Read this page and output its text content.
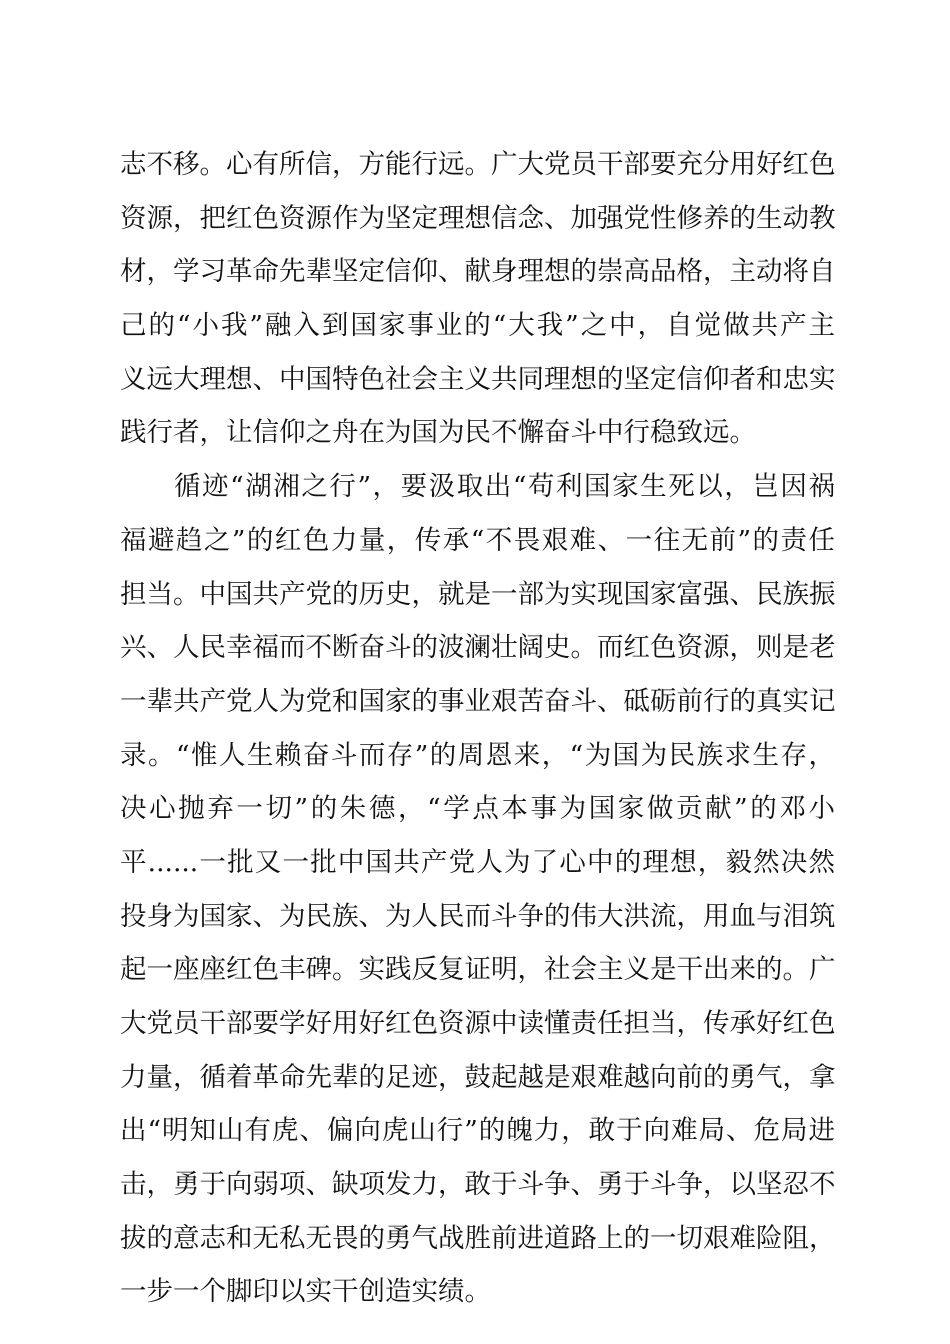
志不移。心有所信，方能行远。广大党员干部要充分用好红色
资源，把红色资源作为坚定理想信念、加强党性修养的生动教
材，学习革命先辈坚定信仰、献身理想的崇高品格，主动将自
己的“小我”融入到国家事业的“大我”之中，自觉做共产主
义远大理想、中国特色社会主义共同理想的坚定信仰者和忠实
践行者，让信仰之舟在为国为民不懈奋斗中行稳致远。
循迹“湖湘之行”，要汲取出“苟利国家生死以，岂因祸
福避趋之”的红色力量，传承“不畏艰难、一往无前”的责任
担当。中国共产党的历史，就是一部为实现国家富强、民族振
兴、人民幸福而不断奋斗的波澜壮阔史。而红色资源，则是老
一辈共产党人为党和国家的事业艰苦奋斗、砥砺前行的真实记
录。“惟人生赖奋斗而存”的周恩来，“为国为民族求生存，
决心抛弃一切”的朱德，“学点本事为国家做贡献”的邓小
平......一批又一批中国共产党人为了心中的理想，毅然决然
投身为国家、为民族、为人民而斗争的伟大洪流，用血与泪筑
起一座座红色丰碑。实践反复证明，社会主义是干出来的。广
大党员干部要学好用好红色资源中读懂责任担当，传承好红色
力量，循着革命先辈的足迹，鼓起越是艰难越向前的勇气，拿
出“明知山有虎、偏向虎山行”的魄力，敢于向难局、危局进
击，勇于向弱项、缺项发力，敢于斗争、勇于斗争，以坚忍不
拔的意志和无私无畏的勇气战胜前进道路上的一切艰难险阻，
一步一个脚印以实干创造实绩。
